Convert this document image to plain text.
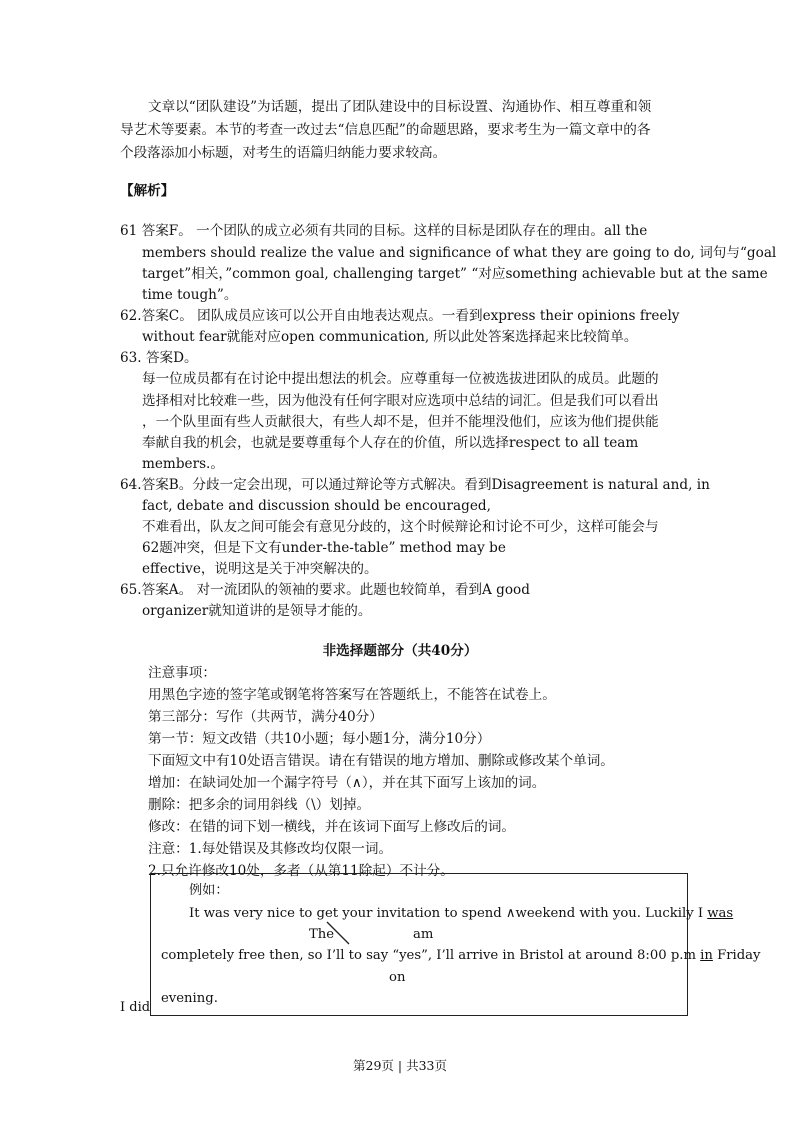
文章以“团队建设”为话题，提出了团队建设中的目标设置、沟通协作、相互尊重和领
导艺术等要素。本节的考查一改过去“信息匹配”的命题思路，要求考生为一篇文章中的各
个段落添加小标题，对考生的语篇归纳能力要求较高。
【解析】
61 答案F。 一个团队的成立必须有共同的目标。这样的目标是团队存在的理由。all the
members should realize the value and significance of what they are going to do, 词句与“goal
target”相关，”common goal, challenging target” “对应something achievable but at the same
time tough”。
62.答案C。 团队成员应该可以公开自由地表达观点。一看到express their opinions freely
without fear就能对应open communication, 所以此处答案选择起来比较简单。
63. 答案D。
每一位成员都有在讨论中提出想法的机会。应尊重每一位被选拔进团队的成员。此题的
选择相对比较难一些，因为他没有任何字眼对应选项中总结的词汇。但是我们可以看出
，一个队里面有些人贡献很大，有些人却不是，但并不能埋没他们，应该为他们提供能
奉献自我的机会，也就是要尊重每个人存在的价值，所以选择respect to all team
members.。
64.答案B。分歧一定会出现，可以通过辩论等方式解决。看到Disagreement is natural and, in
fact, debate and discussion should be encouraged,
不难看出，队友之间可能会有意见分歧的，这个时候辩论和讨论不可少，这样可能会与
62题冲突，但是下文有under-the-table” method may be
effective，说明这是关于冲突解决的。
65.答案A。 对一流团队的领袖的要求。此题也较简单，看到A good
organizer就知道讲的是领导才能的。
非选择题部分（共40分）
注意事项：
用黑色字迹的签字笔或钢笔将答案写在答题纸上，不能答在试卷上。
第三部分：写作（共两节，满分40分）
第一节：短文改错（共10小题；每小题1分，满分10分）
下面短文中有10处语言错误。请在有错误的地方增加、删除或修改某个单词。
增加：在缺词处加一个漏字符号（∧），并在其下面写上该加的词。
删除：把多余的词用斜线（\）划掉。
修改：在错的词下划一横线，并在该词下面写上修改后的词。
注意：1.每处错误及其修改均仅限一词。
2.只允许修改10处，多者（从第11除起）不计分。
例如：
It was very nice to get your invitation to spend ∧weekend with you. Luckily I was
The	am
completely free then, so I’ll to say “yes”, I’ll arrive in Bristol at around 8:00 p.m in Friday
on
evening.
I did
第29页 | 共33页
